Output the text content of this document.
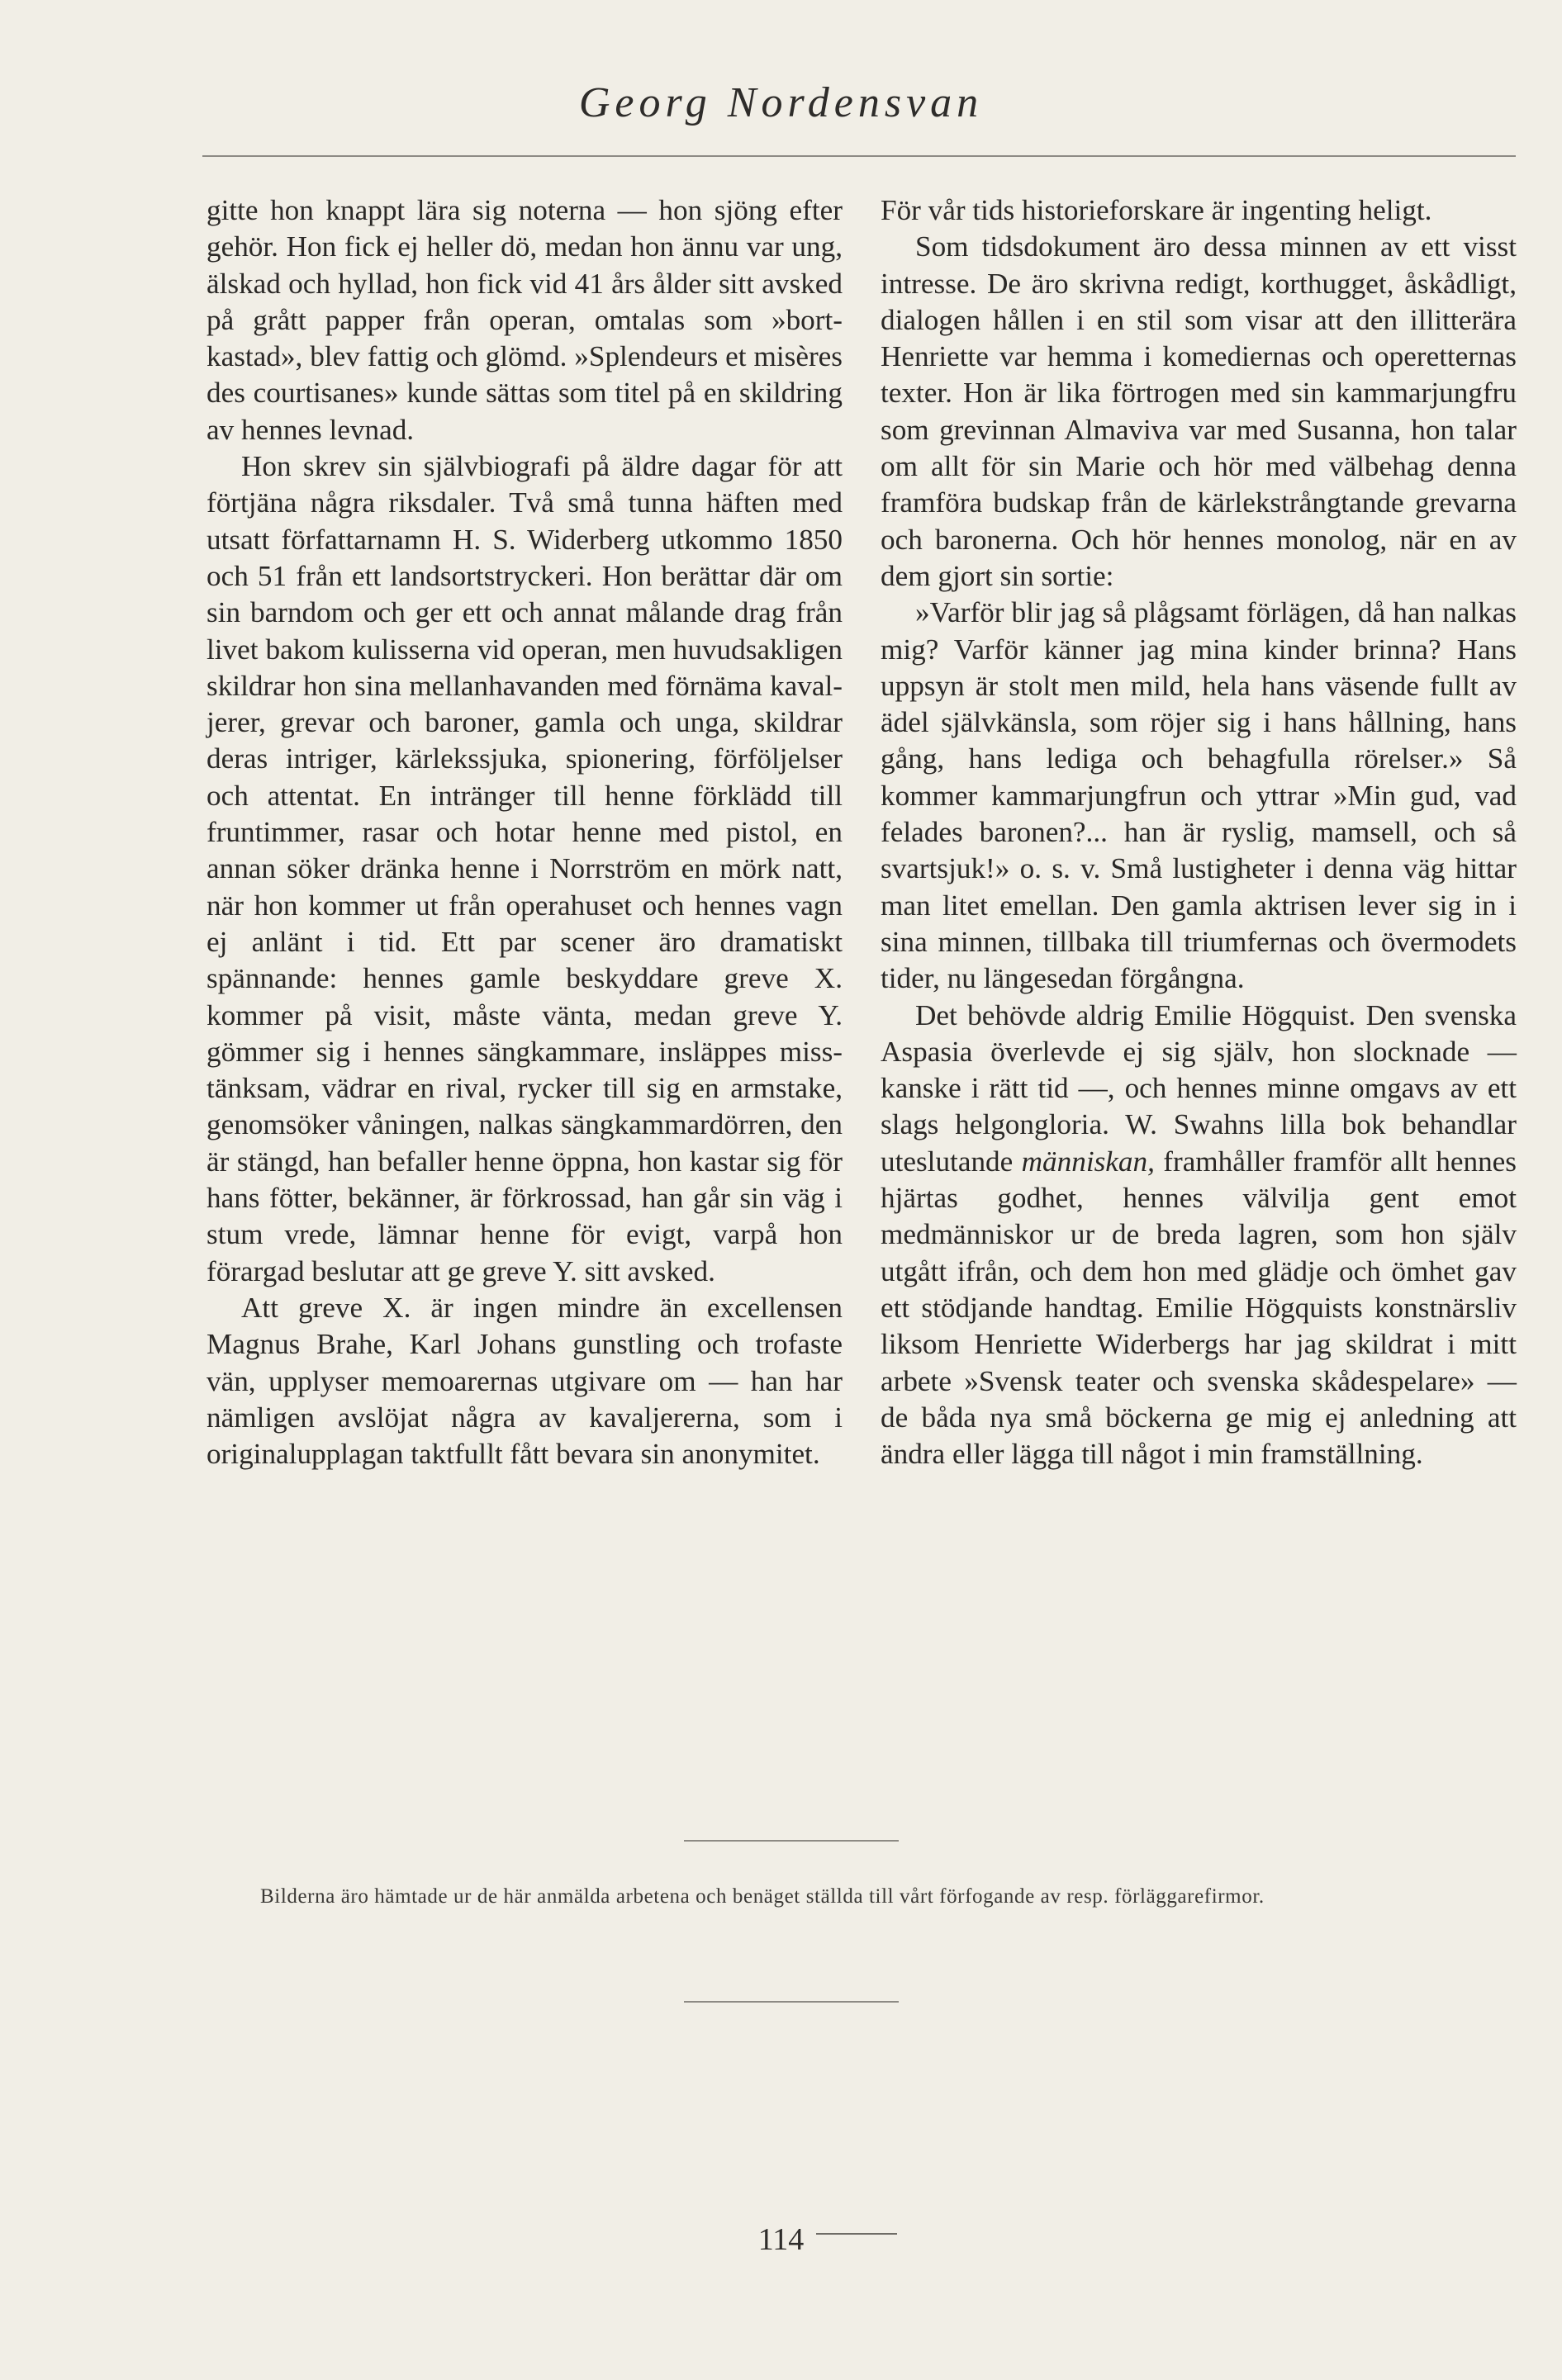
Georg Nordensvan

gitte hon knappt lära sig noterna — hon sjöng efter gehör. Hon fick ej heller dö, medan hon ännu var ung, älskad och hyllad, hon fick vid 41 års ålder sitt avsked på grått papper från operan, omtalas som »bortkastad», blev fattig och glömd. »Splendeurs et misères des courtisanes» kunde sättas som titel på en skildring av hennes levnad.

Hon skrev sin självbiografi på äldre dagar för att förtjäna några riksdaler. Två små tunna häften med utsatt författarnamn H. S. Widerberg utkommo 1850 och 51 från ett landsortstryckeri. Hon berättar där om sin barndom och ger ett och annat målande drag från livet bakom kulisserna vid operan, men huvudsakligen skildrar hon sina mellanhavanden med förnäma kavaljerer, grevar och baroner, gamla och unga, skildrar deras intriger, kärlekssjuka, spionering, förföljelser och attentat. En intränger till henne förklädd till fruntimmer, rasar och hotar henne med pistol, en annan söker dränka henne i Norrström en mörk natt, när hon kommer ut från operahuset och hennes vagn ej anlänt i tid. Ett par scener äro dramatiskt spännande: hennes gamle beskyddare greve X. kommer på visit, måste vänta, medan greve Y. gömmer sig i hennes sängkammare, insläppes misstänksam, vädrar en rival, rycker till sig en armstake, genomsöker våningen, nalkas sängkammardörren, den är stängd, han befaller henne öppna, hon kastar sig för hans fötter, bekänner, är förkrossad, han går sin väg i stum vrede, lämnar henne för evigt, varpå hon förargad beslutar att ge greve Y. sitt avsked.

Att greve X. är ingen mindre än excellensen Magnus Brahe, Karl Johans gunstling och trofaste vän, upplyser memoarernas utgivare om — han har nämligen avslöjat några av kavaljererna, som i originalupplagan taktfullt fått bevara sin anonymitet.

För vår tids historieforskare är ingenting heligt.

Som tidsdokument äro dessa minnen av ett visst intresse. De äro skrivna redigt, korthugget, åskådligt, dialogen hållen i en stil som visar att den illitterära Henriette var hemma i komediernas och operetternas texter. Hon är lika förtrogen med sin kammarjungfru som grevinnan Almaviva var med Susanna, hon talar om allt för sin Marie och hör med välbehag denna framföra budskap från de kärlekstrångtande grevarna och baronerna. Och hör hennes monolog, när en av dem gjort sin sortie:

»Varför blir jag så plågsamt förlägen, då han nalkas mig? Varför känner jag mina kinder brinna? Hans uppsyn är stolt men mild, hela hans väsende fullt av ädel självkänsla, som röjer sig i hans hållning, hans gång, hans lediga och behagfulla rörelser.» Så kommer kammarjungfrun och yttrar »Min gud, vad felades baronen?... han är ryslig, mamsell, och så svartsjuk!» o. s. v. Små lustigheter i denna väg hittar man litet emellan. Den gamla aktrisen lever sig in i sina minnen, tillbaka till triumfernas och övermodets tider, nu längesedan förgångna.

Det behövde aldrig Emilie Högquist. Den svenska Aspasia överlevde ej sig själv, hon slocknade — kanske i rätt tid —, och hennes minne omgavs av ett slags helgongloria. W. Swahns lilla bok behandlar uteslutande människan, framhåller framför allt hennes hjärtas godhet, hennes välvilja gent emot medmänniskor ur de breda lagren, som hon själv utgått ifrån, och dem hon med glädje och ömhet gav ett stödjande handtag. Emilie Högquists konstnärsliv liksom Henriette Widerbergs har jag skildrat i mitt arbete »Svensk teater och svenska skådespelare» — de båda nya små böckerna ge mig ej anledning att ändra eller lägga till något i min framställning.

Bilderna äro hämtade ur de här anmälda arbetena och benäget ställda till vårt förfogande av resp. förläggarefirmor.
114
